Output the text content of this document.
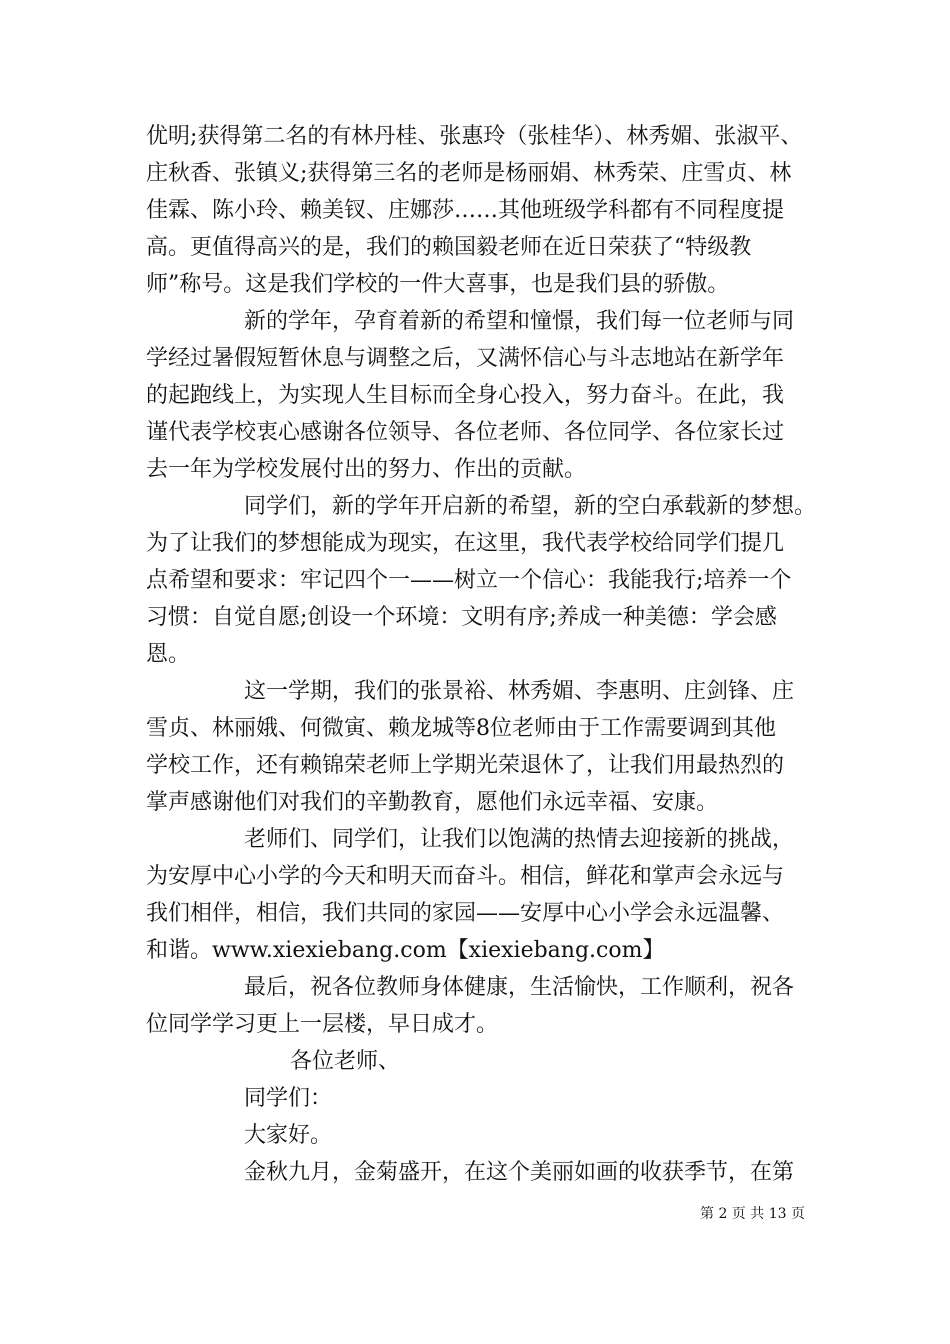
优明;获得第二名的有林丹桂、张惠玲（张桂华）、林秀媚、张淑平、
庄秋香、张镇义;获得第三名的老师是杨丽娟、林秀荣、庄雪贞、林
佳霖、陈小玲、赖美钗、庄娜莎……其他班级学科都有不同程度提
高。更值得高兴的是，我们的赖国毅老师在近日荣获了“特级教
师”称号。这是我们学校的一件大喜事，也是我们县的骄傲。
新的学年，孕育着新的希望和憧憬，我们每一位老师与同
学经过暑假短暂休息与调整之后，又满怀信心与斗志地站在新学年
的起跑线上，为实现人生目标而全身心投入，努力奋斗。在此，我
谨代表学校衷心感谢各位领导、各位老师、各位同学、各位家长过
去一年为学校发展付出的努力、作出的贡献。
同学们，新的学年开启新的希望，新的空白承载新的梦想。
为了让我们的梦想能成为现实，在这里，我代表学校给同学们提几
点希望和要求：牢记四个一——树立一个信心：我能我行;培养一个
习惯：自觉自愿;创设一个环境：文明有序;养成一种美德：学会感
恩。
这一学期，我们的张景裕、林秀媚、李惠明、庄剑锋、庄
雪贞、林丽娥、何微寅、赖龙城等8位老师由于工作需要调到其他
学校工作，还有赖锦荣老师上学期光荣退休了，让我们用最热烈的
掌声感谢他们对我们的辛勤教育，愿他们永远幸福、安康。
老师们、同学们，让我们以饱满的热情去迎接新的挑战，
为安厚中心小学的今天和明天而奋斗。相信，鲜花和掌声会永远与
我们相伴，相信，我们共同的家园——安厚中心小学会永远温馨、
和谐。www.xiexiebang.com【xiexiebang.com】
最后，祝各位教师身体健康，生活愉快，工作顺利，祝各
位同学学习更上一层楼，早日成才。
各位老师、
同学们：
大家好。
金秋九月，金菊盛开，在这个美丽如画的收获季节，在第
第 2 页 共 13 页
